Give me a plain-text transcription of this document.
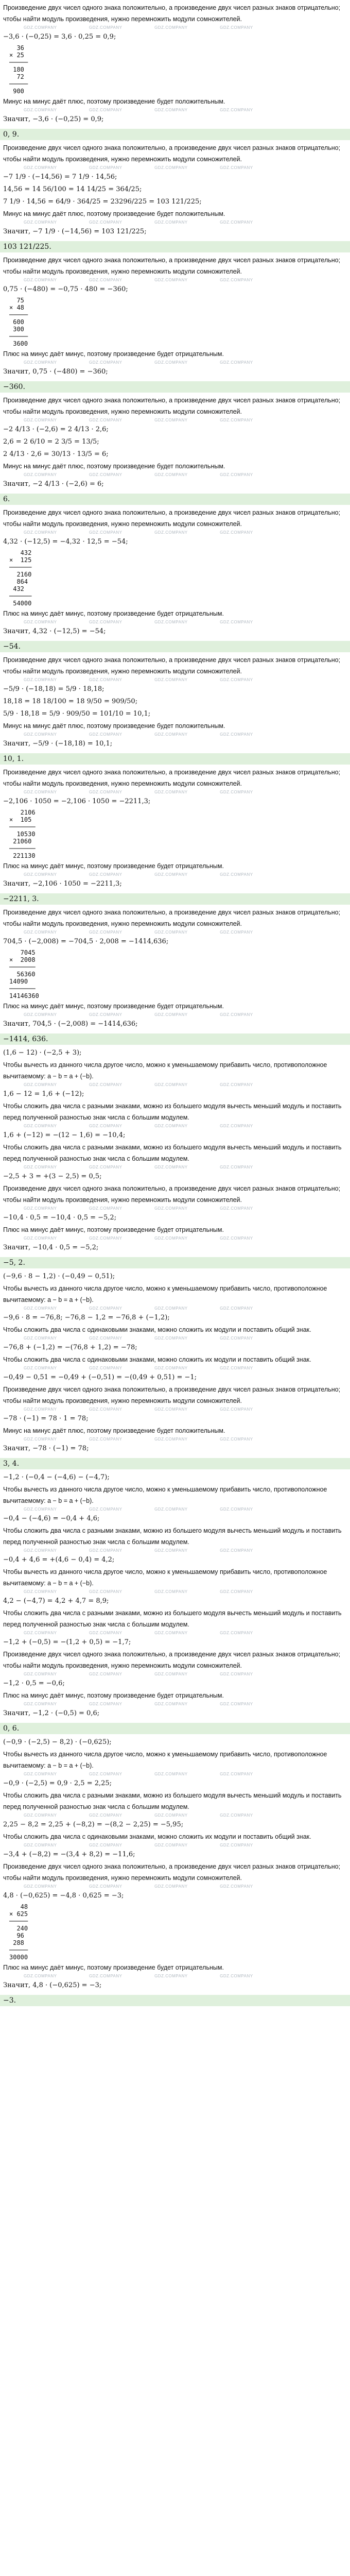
Произведение двух чисел одного знака положительно, а произведение двух чисел разных знаков отрицательно; чтобы найти модуль произведения, нужно перемножить модули сомножителей.

GDZ.COMPANY GDZ.COMPANY GDZ.COMPANY GDZ.COMPANY

−3,6 · (−0,25) = 3,6 · 0,25 = 0,9;

36
× 25
─────
180
72
─────
900

Минус на минус даёт плюс, поэтому произведение будет положительным.

GDZ.COMPANY GDZ.COMPANY GDZ.COMPANY GDZ.COMPANY

Значит, −3,6 · (−0,25) = 0,9;

0, 9.

Произведение двух чисел одного знака положительно, а произведение двух чисел разных знаков отрицательно; чтобы найти модуль произведения, нужно перемножить модули сомножителей.

GDZ.COMPANY GDZ.COMPANY GDZ.COMPANY GDZ.COMPANY

−7 1/9 · (−14,56) = 7 1/9 · 14,56;

14,56 = 14 56/100 = 14 14/25 = 364/25;

7 1/9 · 14,56 = 64/9 · 364/25 = 23296/225 = 103 121/225;

Минус на минус даёт плюс, поэтому произведение будет положительным.

GDZ.COMPANY GDZ.COMPANY GDZ.COMPANY GDZ.COMPANY

Значит, −7 1/9 · (−14,56) = 103 121/225;

103 121/225.

Произведение двух чисел одного знака положительно, а произведение двух чисел разных знаков отрицательно; чтобы найти модуль произведения, нужно перемножить модули сомножителей.

GDZ.COMPANY GDZ.COMPANY GDZ.COMPANY GDZ.COMPANY

0,75 · (−480) = −0,75 · 480 = −360;

75
× 48
─────
600
300
─────
3600

Плюс на минус даёт минус, поэтому произведение будет отрицательным.

GDZ.COMPANY GDZ.COMPANY GDZ.COMPANY GDZ.COMPANY

Значит, 0,75 · (−480) = −360;

−360.

Произведение двух чисел одного знака положительно, а произведение двух чисел разных знаков отрицательно; чтобы найти модуль произведения, нужно перемножить модули сомножителей.

GDZ.COMPANY GDZ.COMPANY GDZ.COMPANY GDZ.COMPANY

−2 4/13 · (−2,6) = 2 4/13 · 2,6;

2,6 = 2 6/10 = 2 3/5 = 13/5;

2 4/13 · 2,6 = 30/13 · 13/5 = 6;

Минус на минус даёт плюс, поэтому произведение будет положительным.

GDZ.COMPANY GDZ.COMPANY GDZ.COMPANY GDZ.COMPANY

Значит, −2 4/13 · (−2,6) = 6;

6.

Произведение двух чисел одного знака положительно, а произведение двух чисел разных знаков отрицательно; чтобы найти модуль произведения, нужно перемножить модули сомножителей.

GDZ.COMPANY GDZ.COMPANY GDZ.COMPANY GDZ.COMPANY

4,32 · (−12,5) = −4,32 · 12,5 = −54;

432
×  125
──────
2160
864
432
──────
54000

Плюс на минус даёт минус, поэтому произведение будет отрицательным.

GDZ.COMPANY GDZ.COMPANY GDZ.COMPANY GDZ.COMPANY

Значит, 4,32 · (−12,5) = −54;

−54.

Произведение двух чисел одного знака положительно, а произведение двух чисел разных знаков отрицательно; чтобы найти модуль произведения, нужно перемножить модули сомножителей.

GDZ.COMPANY GDZ.COMPANY GDZ.COMPANY GDZ.COMPANY

−5/9 · (−18,18) = 5/9 · 18,18;

18,18 = 18 18/100 = 18 9/50 = 909/50;

5/9 · 18,18 = 5/9 · 909/50 = 101/10 = 10,1;

Минус на минус даёт плюс, поэтому произведение будет положительным.

GDZ.COMPANY GDZ.COMPANY GDZ.COMPANY GDZ.COMPANY

Значит, −5/9 · (−18,18) = 10,1;

10, 1.

Произведение двух чисел одного знака положительно, а произведение двух чисел разных знаков отрицательно; чтобы найти модуль произведения, нужно перемножить модули сомножителей.

GDZ.COMPANY GDZ.COMPANY GDZ.COMPANY GDZ.COMPANY

−2,106 · 1050 = −2,106 · 1050 = −2211,3;

2106
×  105
───────
10530
21060
───────
221130

Плюс на минус даёт минус, поэтому произведение будет отрицательным.

GDZ.COMPANY GDZ.COMPANY GDZ.COMPANY GDZ.COMPANY

Значит, −2,106 · 1050 = −2211,3;

−2211, 3.

Произведение двух чисел одного знака положительно, а произведение двух чисел разных знаков отрицательно; чтобы найти модуль произведения, нужно перемножить модули сомножителей.

GDZ.COMPANY GDZ.COMPANY GDZ.COMPANY GDZ.COMPANY

704,5 · (−2,008) = −704,5 · 2,008 = −1414,636;

7045
×  2008
───────
56360
14090
───────
14146360

Плюс на минус даёт минус, поэтому произведение будет отрицательным.

GDZ.COMPANY GDZ.COMPANY GDZ.COMPANY GDZ.COMPANY

Значит, 704,5 · (−2,008) = −1414,636;

−1414, 636.

(1,6 − 12) · (−2,5 + 3);

Чтобы вычесть из данного числа другое число, можно к уменьшаемому прибавить число, противоположное вычитаемому: a − b = a + (−b).

GDZ.COMPANY GDZ.COMPANY GDZ.COMPANY GDZ.COMPANY

1,6 − 12 = 1,6 + (−12);

Чтобы сложить два числа с разными знаками, можно из большего модуля вычесть меньший модуль и поставить перед полученной разностью знак числа с большим модулем.

GDZ.COMPANY GDZ.COMPANY GDZ.COMPANY GDZ.COMPANY

1,6 + (−12) = −(12 − 1,6) = −10,4;

Чтобы сложить два числа с разными знаками, можно из большего модуля вычесть меньший модуль и поставить перед полученной разностью знак числа с большим модулем.

GDZ.COMPANY GDZ.COMPANY GDZ.COMPANY GDZ.COMPANY

−2,5 + 3 = +(3 − 2,5) = 0,5;

Произведение двух чисел одного знака положительно, а произведение двух чисел разных знаков отрицательно; чтобы найти модуль произведения, нужно перемножить модули сомножителей.

GDZ.COMPANY GDZ.COMPANY GDZ.COMPANY GDZ.COMPANY

−10,4 · 0,5 = −10,4 · 0,5 = −5,2;

Плюс на минус даёт минус, поэтому произведение будет отрицательным.

GDZ.COMPANY GDZ.COMPANY GDZ.COMPANY GDZ.COMPANY

Значит, −10,4 · 0,5 = −5,2;

−5, 2.

(−9,6 · 8 − 1,2) · (−0,49 − 0,51);

Чтобы вычесть из данного числа другое число, можно к уменьшаемому прибавить число, противоположное вычитаемому: a − b = a + (−b).

GDZ.COMPANY GDZ.COMPANY GDZ.COMPANY GDZ.COMPANY

−9,6 · 8 = −76,8; −76,8 − 1,2 = −76,8 + (−1,2);

Чтобы сложить два числа с одинаковыми знаками, можно сложить их модули и поставить общий знак.

GDZ.COMPANY GDZ.COMPANY GDZ.COMPANY GDZ.COMPANY

−76,8 + (−1,2) = −(76,8 + 1,2) = −78;

Чтобы сложить два числа с одинаковыми знаками, можно сложить их модули и поставить общий знак.

GDZ.COMPANY GDZ.COMPANY GDZ.COMPANY GDZ.COMPANY

−0,49 − 0,51 = −0,49 + (−0,51) = −(0,49 + 0,51) = −1;

Произведение двух чисел одного знака положительно, а произведение двух чисел разных знаков отрицательно; чтобы найти модуль произведения, нужно перемножить модули сомножителей.

GDZ.COMPANY GDZ.COMPANY GDZ.COMPANY GDZ.COMPANY

−78 · (−1) = 78 · 1 = 78;

Минус на минус даёт плюс, поэтому произведение будет положительным.

GDZ.COMPANY GDZ.COMPANY GDZ.COMPANY GDZ.COMPANY

Значит, −78 · (−1) = 78;

3, 4.

−1,2 · (−0,4 − (−4,6) − (−4,7);

Чтобы вычесть из данного числа другое число, можно к уменьшаемому прибавить число, противоположное вычитаемому: a − b = a + (−b).

GDZ.COMPANY GDZ.COMPANY GDZ.COMPANY GDZ.COMPANY

−0,4 − (−4,6) = −0,4 + 4,6;

Чтобы сложить два числа с разными знаками, можно из большего модуля вычесть меньший модуль и поставить перед полученной разностью знак числа с большим модулем.

GDZ.COMPANY GDZ.COMPANY GDZ.COMPANY GDZ.COMPANY

−0,4 + 4,6 = +(4,6 − 0,4) = 4,2;

Чтобы вычесть из данного числа другое число, можно к уменьшаемому прибавить число, противоположное вычитаемому: a − b = a + (−b).

GDZ.COMPANY GDZ.COMPANY GDZ.COMPANY GDZ.COMPANY

4,2 − (−4,7) = 4,2 + 4,7 = 8,9;

Чтобы сложить два числа с разными знаками, можно из большего модуля вычесть меньший модуль и поставить перед полученной разностью знак числа с большим модулем.

GDZ.COMPANY GDZ.COMPANY GDZ.COMPANY GDZ.COMPANY

−1,2 + (−0,5) = −(1,2 + 0,5) = −1,7;

Произведение двух чисел одного знака положительно, а произведение двух чисел разных знаков отрицательно; чтобы найти модуль произведения, нужно перемножить модули сомножителей.

GDZ.COMPANY GDZ.COMPANY GDZ.COMPANY GDZ.COMPANY

−1,2 · 0,5 = −0,6;

Плюс на минус даёт минус, поэтому произведение будет отрицательным.

GDZ.COMPANY GDZ.COMPANY GDZ.COMPANY GDZ.COMPANY

Значит, −1,2 · (−0,5) = 0,6;

0, 6.

(−0,9 · (−2,5) − 8,2) · (−0,625);

Чтобы вычесть из данного числа другое число, можно к уменьшаемому прибавить число, противоположное вычитаемому: a − b = a + (−b).

GDZ.COMPANY GDZ.COMPANY GDZ.COMPANY GDZ.COMPANY

−0,9 · (−2,5) = 0,9 · 2,5 = 2,25;

Чтобы сложить два числа с разными знаками, можно из большего модуля вычесть меньший модуль и поставить перед полученной разностью знак числа с большим модулем.

GDZ.COMPANY GDZ.COMPANY GDZ.COMPANY GDZ.COMPANY

2,25 − 8,2 = 2,25 + (−8,2) = −(8,2 − 2,25) = −5,95;

Чтобы сложить два числа с одинаковыми знаками, можно сложить их модули и поставить общий знак.

GDZ.COMPANY GDZ.COMPANY GDZ.COMPANY GDZ.COMPANY

−3,4 + (−8,2) = −(3,4 + 8,2) = −11,6;

Произведение двух чисел одного знака положительно, а произведение двух чисел разных знаков отрицательно; чтобы найти модуль произведения, нужно перемножить модули сомножителей.

GDZ.COMPANY GDZ.COMPANY GDZ.COMPANY GDZ.COMPANY

4,8 · (−0,625) = −4,8 · 0,625 = −3;

48
× 625
─────
240
96
288
─────
30000

Плюс на минус даёт минус, поэтому произведение будет отрицательным.

GDZ.COMPANY GDZ.COMPANY GDZ.COMPANY GDZ.COMPANY

Значит, 4,8 · (−0,625) = −3;

−3.
